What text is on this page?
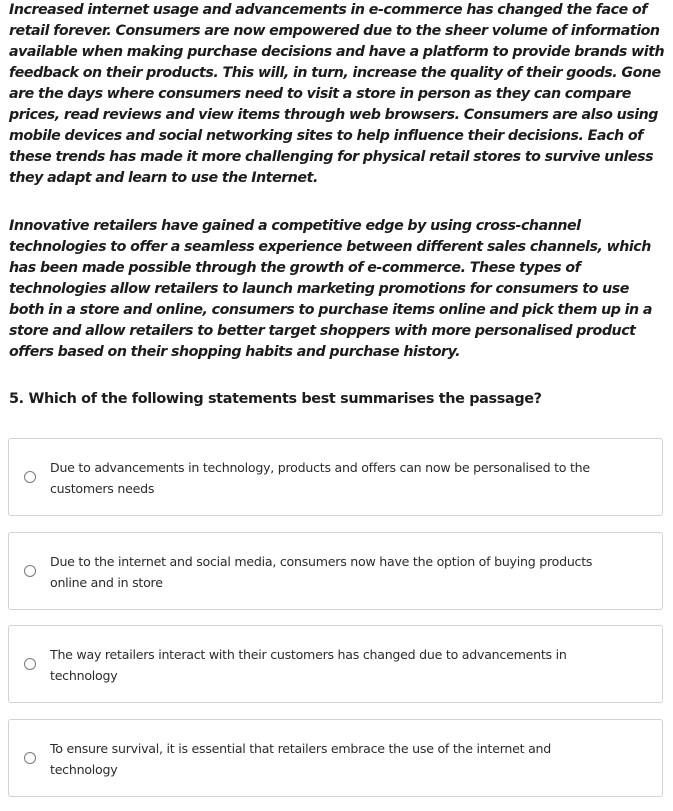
Increased internet usage and advancements in e-commerce has changed the face of
retail forever. Consumers are now empowered due to the sheer volume of information
available when making purchase decisions and have a platform to provide brands with
feedback on their products. This will, in turn, increase the quality of their goods. Gone
are the days where consumers need to visit a store in person as they can compare
prices, read reviews and view items through web browsers. Consumers are also using
mobile devices and social networking sites to help influence their decisions. Each of
these trends has made it more challenging for physical retail stores to survive unless
they adapt and learn to use the Internet.
Innovative retailers have gained a competitive edge by using cross-channel
technologies to offer a seamless experience between different sales channels, which
has been made possible through the growth of e-commerce. These types of
technologies allow retailers to launch marketing promotions for consumers to use
both in a store and online, consumers to purchase items online and pick them up in a
store and allow retailers to better target shoppers with more personalised product
offers based on their shopping habits and purchase history.
5. Which of the following statements best summarises the passage?
Due to advancements in technology, products and offers can now be personalised to the
customers needs
Due to the internet and social media, consumers now have the option of buying products
online and in store
The way retailers interact with their customers has changed due to advancements in
technology
To ensure survival, it is essential that retailers embrace the use of the internet and
technology
